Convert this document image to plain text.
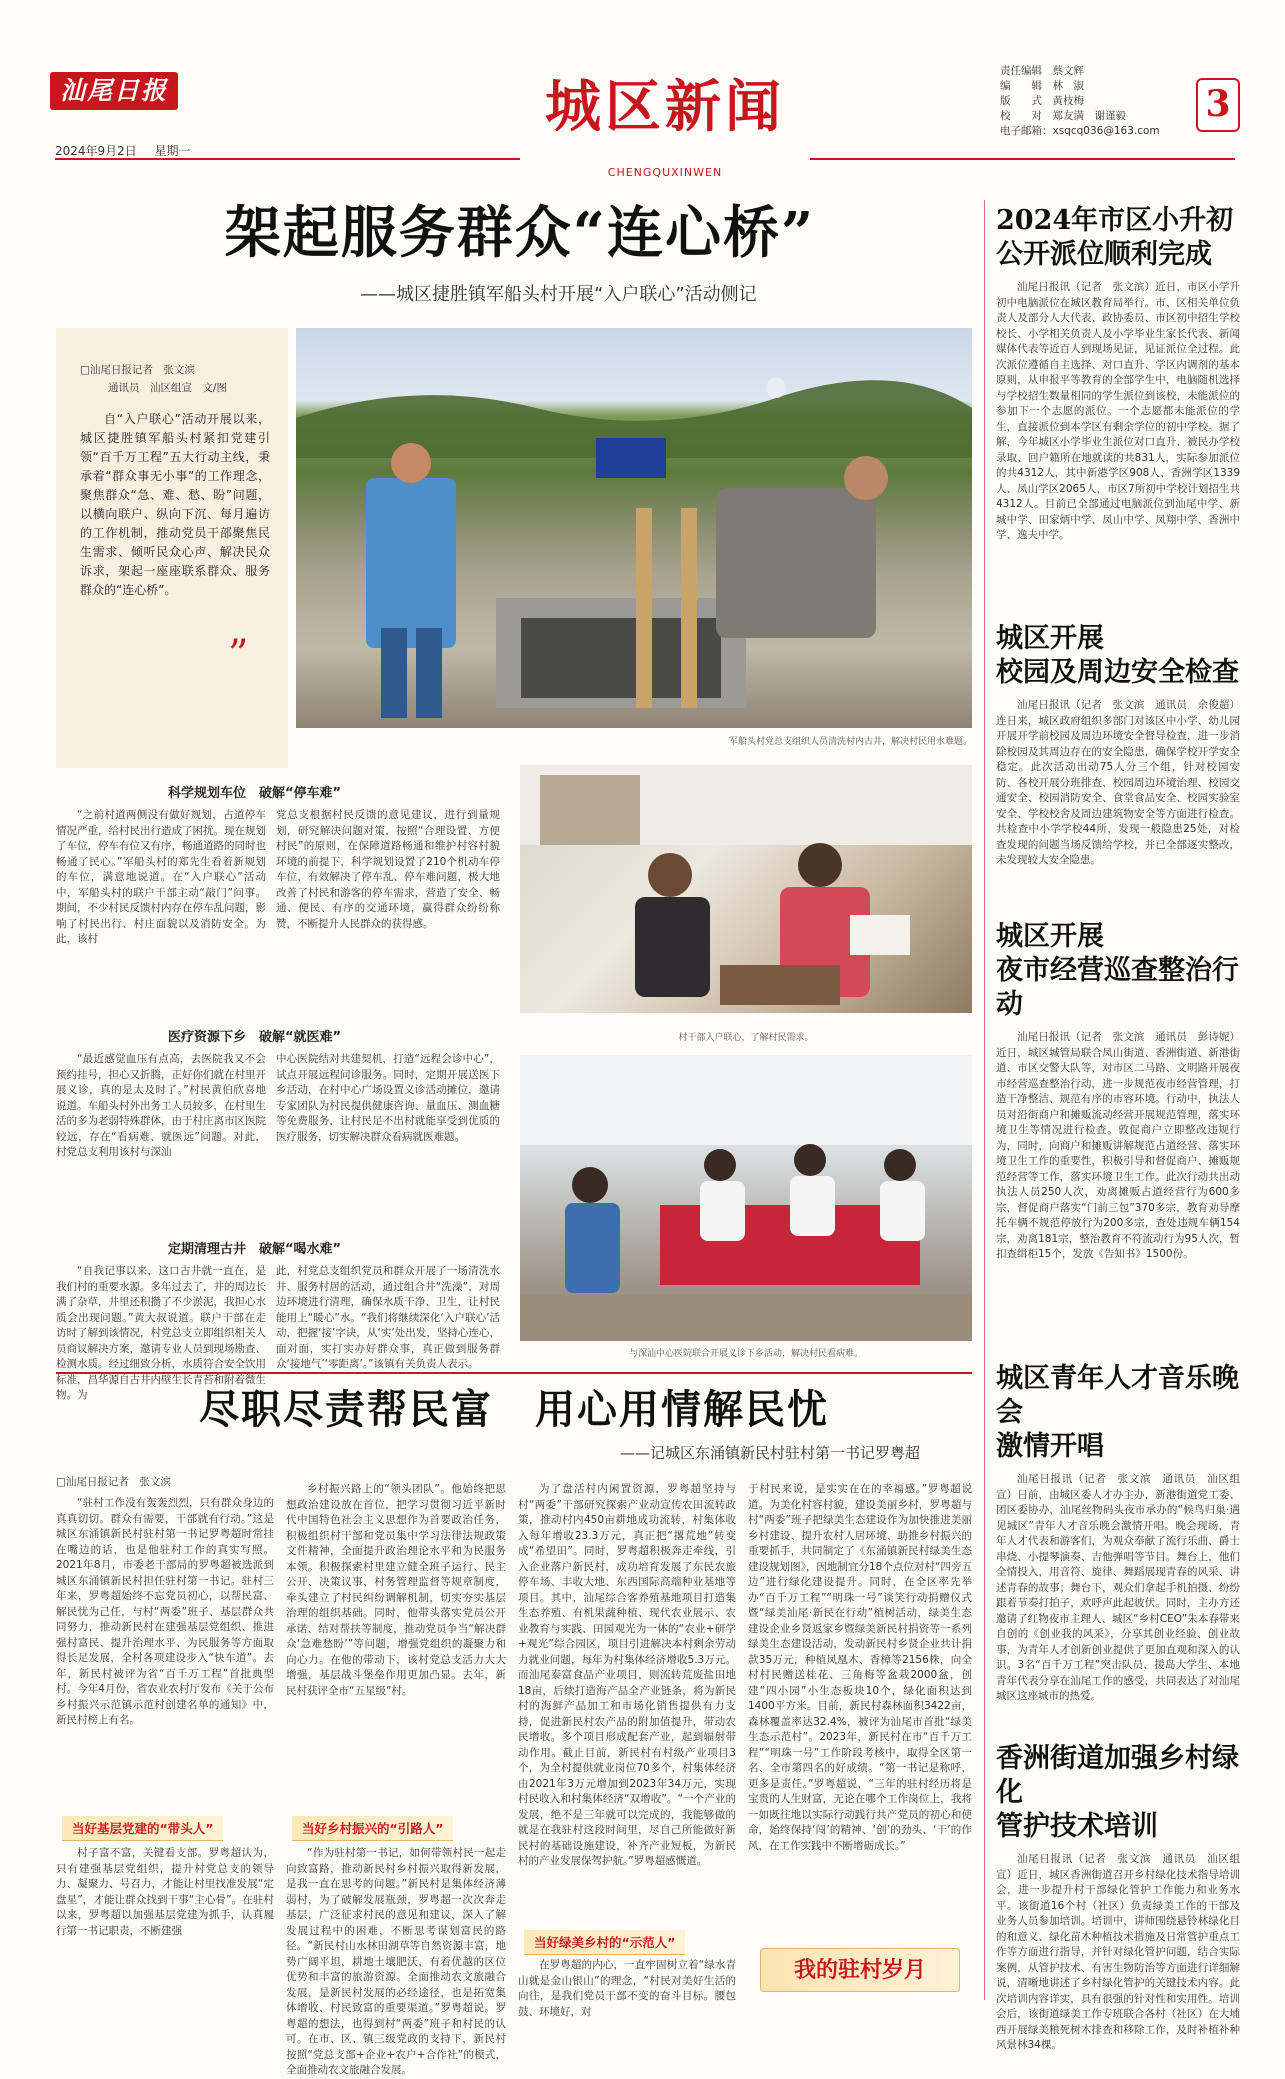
汕尾日报
2024年9月2日 星期一
城区新闻
CHENGQUXINWEN
责任编辑　 蔡文辉
编　　辑　 林　淑
版　　式　 黄枝梅
校　　对　 郑友满　谢谨毅
电子邮箱：xsqcq036@163.com
3
架起服务群众“连心桥”
——城区捷胜镇军船头村开展“入户联心”活动侧记
□汕尾日报记者　张文滨
通讯员　汕区组宣　文/图
自“入户联心”活动开展以来，城区捷胜镇军船头村紧扣党建引领“百千万工程”五大行动主线，秉承着“群众事无小事”的工作理念，聚焦群众“急、难、愁、盼”问题，以横向联户、纵向下沉、每月遍访的工作机制，推动党员干部聚焦民生需求、倾听民众心声、解决民众诉求，架起一座座联系群众、服务群众的“连心桥”。
”
军船头村党总支组织人员清洗村内古井，解决村民用水难题。
村干部入户联心，了解村民需求。
与深汕中心医院联合开展义诊下乡活动，解决村民看病难。
科学规划车位　破解“停车难”
“之前村道两侧没有做好规划，占道停车情况严重，给村民出行造成了困扰。现在规划了车位，停车有位又有序，畅通道路的同时也畅通了民心。”军船头村的郑先生看着新规划的车位，满意地说道。在“入户联心”活动中，军船头村的联户干部主动“敲门”问事。期间，不少村民反馈村内存在停车乱问题，影响了村民出行、村庄面貌以及消防安全。为此，该村
党总支根据村民反馈的意见建议，进行到量规划，研究解决问题对策，按照“合理设置、方便村民”的原则，在保障道路畅通和维护村容村貌环境的前提下，科学规划设置了210个机动车停车位，有效解决了停车乱、停车难问题，极大地改善了村民和游客的停车需求，营造了安全、畅通、便民、有序的交通环境，赢得群众纷纷称赞，不断提升人民群众的获得感。
医疗资源下乡　破解“就医难”
“最近感觉血压有点高，去医院我又不会预约挂号，担心又折腾，正好你们就在村里开展义诊，真的是太及时了。”村民黄伯欣喜地说道。车船头村外出务工人员较多，在村里生活的多为老弱特殊群体，由于村庄离市区医院较远，存在“看病难、就医远”问题。对此，村党总支利用该村与深汕
中心医院结对共建契机，打造“远程会诊中心”，试点开展远程问诊服务。同时，定期开展送医下乡活动，在村中心广场设置义诊活动摊位，邀请专家团队为村民提供健康咨询、量血压、测血糖等免费服务，让村民足不出村就能享受到优质的医疗服务，切实解决群众看病就医难题。
定期清理古井　破解“喝水难”
“自我记事以来，这口古井就一直在，是我们村的重要水源。多年过去了，井的周边长满了杂草，井里还积攒了不少淤泥，我担心水质会出现问题。”黄大叔说道。联户干部在走访时了解到该情况，村党总支立即组织相关人员商议解决方案，邀请专业人员到现场勘查、检测水质。经过细致分析，水质符合安全饮用标准，昌华源自古井内壁生长青苔和附着微生物。为
此，村党总支组织党员和群众开展了一场清洗水井、服务村居的活动，通过组合井“洗澡”，对周边环境进行清理，确保水质干净、卫生，让村民能用上“暖心”水。“我们将继续深化‘入户联心’活动，把握‘接’字诀，从‘实’处出发，坚持心连心，面对面，实打实办好群众事，真正做到服务群众‘接地气’‘零距离’。”该镇有关负责人表示。
尽职尽责帮民富　用心用情解民忧
——记城区东涌镇新民村驻村第一书记罗粤超
□汕尾日报记者　张文滨
“驻村工作没有轰轰烈烈，只有群众身边的真真切切。群众有需要，干部就有行动。”这是城区东涌镇新民村驻村第一书记罗粤超时常挂在嘴边的话，也是他驻村工作的真实写照。2021年8月，市委老干部局的罗粤超被选派到城区东涌镇新民村担任驻村第一书记。驻村三年来，罗粤超始终不忘党员初心，以帮民富、解民忧为己任，与村“两委”班子、基层群众共同努力，推动新民村在建强基层党组织、推进强村富民、提升治理水平、为民服务等方面取得长足发展，全村各项建设步入“快车道”。去年，新民村被评为省“百千万工程”首批典型村。今年4月份，省农业农村厅发布《关于公布乡村振兴示范镇示范村创建名单的通知》中，新民村榜上有名。
当好基层党建的“带头人”
村子富不富，关键看支部。罗粤超认为，只有建强基层党组织，提升村党总支的领导力、凝聚力、号召力，才能让村里找准发展“定盘星”，才能让群众找到干事“主心骨”。在驻村以来，罗粤超以加强基层党建为抓手，认真履行第一书记职责，不断建强
乡村振兴路上的“领头团队”。他始终把思想政治建设放在首位，把学习贯彻习近平新时代中国特色社会主义思想作为首要政治任务，积极组织村干部和党员集中学习法律法规政策文件精神，全面提升政治理论水平和为民服务本领。积极探索村里建立健全班子运行、民主公开、决策议事、村务管理监督等规章制度，牵头建立了村民纠纷调解机制，切实夯实基层治理的组织基础。同时，他带头落实党员公开承诺、结对帮扶等制度，推动党员争当“解决群众‘急难愁盼’”等问题，增强党组织的凝聚力和向心力。在他的带动下，该村党总支活力大大增强，基层战斗堡垒作用更加凸显。去年，新民村获评全市“五星级”村。
当好乡村振兴的“引路人”
“作为驻村第一书记，如何带领村民一起走向致富路，推动新民村乡村振兴取得新发展，是我一直在思考的问题。”新民村是集体经济薄弱村，为了破解发展瓶颈，罗粤超一次次奔走基层，广泛征求村民的意见和建议，深入了解发展过程中的困难，不断思考谋划富民的路径。“新民村山水林田湖草等自然资源丰富，地势广阔平坦，耕地土壤肥沃，有着优越的区位优势和丰富的旅游资源。全面推动农文旅融合发展，是新民村发展的必经途径，也是拓宽集体增收、村民致富的重要渠道。”罗粤超说。罗粤超的想法，也得到村“两委”班子和村民的认可。在市、区、镇三级党政的支持下，新民村按照“党总支部+企业+农户+合作社”的模式，全面推动农文旅融合发展。
为了盘活村内闲置资源，罗粤超坚持与村“两委”干部研究探索产业动宣传农田流转政策，推动村内450亩耕地成功流转，村集体收入每年增收23.3万元，真正把“撂荒地”转变成“希望田”。同时，罗粤超积极奔走牵线，引入企业落户新民村，成功培育发展了东民农旅停车场、丰收大地、东西国际高端种业基地等项目。其中，汕尾综合客养殖基地项目打造集生态养殖、有机果蔬种植、现代农业展示、农业教育与实践、田园观光为一体的“农业+研学+观光”综合园区，项目引进解决本村剩余劳动力就业问题，每年为村集体经济增收5.3万元。而汕尾泰富食品产业项目，则流转荒废盐田地18亩，后续打造海产品全产业链条，将为新民村的海鲜产品加工和市场化销售提供有力支持，促进新民村农产品的附加值提升，带动农民增收。多个项目形成配套产业，起到辐射带动作用。截止目前，新民村有村级产业项目3个，为全村提供就业岗位70多个，村集体经济由2021年3万元增加到2023年34万元，实现村民收入和村集体经济“双增收”。“一个产业的发展，绝不是三年就可以完成的，我能够做的就是在我驻村这段时间里，尽自己所能做好新民村的基础设施建设，补齐产业短板，为新民村的产业发展保驾护航。”罗粤超感慨道。
当好绿美乡村的“示范人”
在罗粤超的内心，一直牢固树立着“绿水青山就是金山银山”的理念，“村民对美好生活的向往，是我们党员干部不变的奋斗目标。腰包鼓、环境好，对
于村民来说，是实实在在的幸福感。”罗粤超说道。为美化村容村貌，建设美丽乡村，罗粤超与村“两委”班子把绿美生态建设作为加快推进美丽乡村建设、提升农村人居环境、助推乡村振兴的重要抓手，共同制定了《东涌镇新民村绿美生态建设规划图》，因地制宜分18个点位对村“四旁五边”进行绿化建设提升。同时，在全区率先举办“百千万工程”“明珠一号”谈笑行动捐赠仪式暨“绿美汕尾·新民在行动”植树活动，绿美生态建设企业乡贤返家乡暨绿美新民村捐资等一系列绿美生态建设活动，发动新民村乡贤企业共计捐款35万元，种植凤凰木、香樟等2156株，向全村村民赠送桂花、三角梅等盆栽2000盆，创建“四小园”小生态板块10个，绿化面积达到1400平方米。目前，新民村森林面积3422亩，森林覆盖率达32.4%，被评为汕尾市首批“绿美生态示范村”。2023年，新民村在市“百千万工程”“明珠一号”工作阶段考核中，取得全区第一名、全市第四名的好成绩。“第一书记是称呼，更多是责任。”罗粤超说，“三年的驻村经历将是宝贵的人生财富，无论在哪个工作岗位上，我将一如既往地以实际行动践行共产党员的初心和使命，始终保持‘闯’的精神、‘创’的劲头、‘干’的作风，在工作实践中不断增砺成长。”
我的驻村岁月
2024年市区小升初
公开派位顺利完成
汕尾日报讯（记者　张文滨）近日，市区小学升初中电脑派位在城区教育局举行。市、区相关单位负责人及部分人大代表、政协委员、市区初中招生学校校长、小学相关负责人及小学毕业生家长代表、新闻媒体代表等近百人到现场见证，见证派位全过程。此次派位遵循自主选择、对口直升、学区内调剂的基本原则，从申报平等教育的全部学生中，电脑随机选择与学校招生数量相同的学生派位到该校，未能派位的参加下一个志愿的派位。一个志愿都未能派位的学生，直接派位到本学区有剩余学位的初中学校。据了解，今年城区小学毕业生派位对口直升、被民办学校录取、回户籍所在地就读的共831人，实际参加派位的共4312人，其中新港学区908人、香洲学区1339人、凤山学区2065人，市区7所初中学校计划招生共4312人。目前已全部通过电脑派位到汕尾中学、新城中学、田家炳中学、凤山中学、凤翔中学、香洲中学、逸夫中学。
城区开展
校园及周边安全检查
汕尾日报讯（记者　张文滨　通讯员　余俊超）连日来，城区政府组织多部门对该区中小学、幼儿园开展开学前校园及周边环境安全督导检查，进一步消除校园及其周边存在的安全隐患，确保学校开学安全稳定。此次活动出动75人分三个组，针对校园安防、各校开展分班排查、校园周边环境治理、校园交通安全、校园消防安全、食堂食品安全、校园实验室安全、学校校舍及周边建筑物安全等方面进行检查。共检查中小学学校44所，发现一般隐患25处，对检查发现的问题当场反馈给学校，并已全部逐实整改，未发现较大安全隐患。
城区开展
夜市经营巡查整治行动
汕尾日报讯（记者　张文滨　通讯员　彭诗妮）近日，城区城管局联合凤山街道、香洲街道、新港街道、市区交警大队等，对市区二马路、文明路开展夜市经营巡查整治行动，进一步规范夜市经营管理，打造干净整洁、规范有序的市容环境。行动中，执法人员对沿街商户和摊贩流动经营开展规范管理，落实环境卫生等情况进行检查。敦促商户立即整改违规行为，同时，向商户和摊贩讲解规范占道经营、落实环境卫生工作的重要性，积极引导和督促商户、摊贩规范经营等工作，落实环境卫生工作。此次行动共出动执法人员250人次，劝离摊贩占道经营行为600多宗，督促商户落实“门前三包”370多宗，教育劝导摩托车辆不规范停放行为200多宗，查处违规车辆154宗，劝离181宗，整治教育不符流动行为95人次，暂扣查缉柜15个，发放《告知书》1500份。
城区青年人才音乐晚会
激情开唱
汕尾日报讯（记者　张文滨　通讯员　汕区组宣）日前，由城区委人才办主办，新港街道党工委、团区委协办，汕尾丝物码头夜市承办的“候鸟归巢·遇见城区”青年人才音乐晚会激情开唱。晚会现场，青年人才代表和游客们，为观众奉献了流行乐曲、爵士串烧、小提琴演奏、吉他弹唱等节目。舞台上，他们全情投入，用音符、旋律、舞蹈展现青春的风采、讲述青春的故事；舞台下，观众们拿起手机拍摄、纷纷跟着节奏打拍子，欢呼声此起彼伏。同时，主办方还邀请了红物夜市主理人、城区“乡村CEO”朱本春带来自创的《创业我的风采》，分享其创业经验、创业故事，为青年人才创新创业提供了更加直观和深入的认识。3名“百千万工程”突击队员、援岛大学生、本地青年代表分享在汕尾工作的感受，共同表达了对汕尾城区这座城市的热爱。
香洲街道加强乡村绿化
管护技术培训
汕尾日报讯（记者　张文滨　通讯员　汕区组宣）近日，城区香洲街道召开乡村绿化技术指导培训会，进一步提升村干部绿化管护工作能力和业务水平。该街道16个村（社区）负责绿美工作的干部及业务人员参加培训。培训中，讲师围绕悬铃林绿化目的和意义、绿化苗木种植技术措施及日常管护重点工作等方面进行指导，并针对绿化管护问题，结合实际案例，从管护技术、有害生物防治等方面进行详细解说，清晰地讲述了乡村绿化管护的关键技术内容。此次培训内容详实，具有很强的针对性和实用性。培训会后，该街道绿美工作专班联合各村（社区）在大埔西开展绿美粮死树木排查和移除工作，及时补植补种风景林34棵。
